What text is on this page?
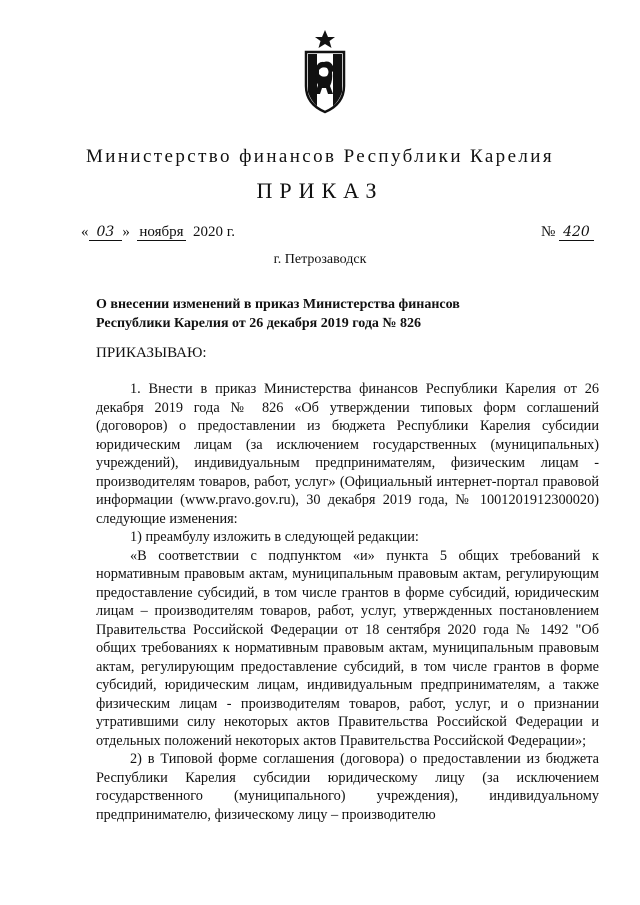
Министерство финансов Республики Карелия
ПРИКАЗ
« 03 » ноября 2020 г.	№ 420
г. Петрозаводск
О внесении изменений в приказ Министерства финансов Республики Карелия от 26 декабря 2019 года № 826
ПРИКАЗЫВАЮ:

1. Внести в приказ Министерства финансов Республики Карелия от 26 декабря 2019 года № 826 «Об утверждении типовых форм соглашений (договоров) о предоставлении из бюджета Республики Карелия субсидии юридическим лицам (за исключением государственных (муниципальных) учреждений), индивидуальным предпринимателям, физическим лицам - производителям товаров, работ, услуг» (Официальный интернет-портал правовой информации (www.pravo.gov.ru), 30 декабря 2019 года, № 1001201912300020) следующие изменения:

1) преамбулу изложить в следующей редакции:

«В соответствии с подпунктом «и» пункта 5 общих требований к нормативным правовым актам, муниципальным правовым актам, регулирующим предоставление субсидий, в том числе грантов в форме субсидий, юридическим лицам – производителям товаров, работ, услуг, утвержденных постановлением Правительства Российской Федерации от 18 сентября 2020 года № 1492 "Об общих требованиях к нормативным правовым актам, муниципальным правовым актам, регулирующим предоставление субсидий, в том числе грантов в форме субсидий, юридическим лицам, индивидуальным предпринимателям, а также физическим лицам - производителям товаров, работ, услуг, и о признании утратившими силу некоторых актов Правительства Российской Федерации и отдельных положений некоторых актов Правительства Российской Федерации»;

2) в Типовой форме соглашения (договора) о предоставлении из бюджета Республики Карелия субсидии юридическому лицу (за исключением государственного (муниципального) учреждения), индивидуальному предпринимателю, физическому лицу – производителю
